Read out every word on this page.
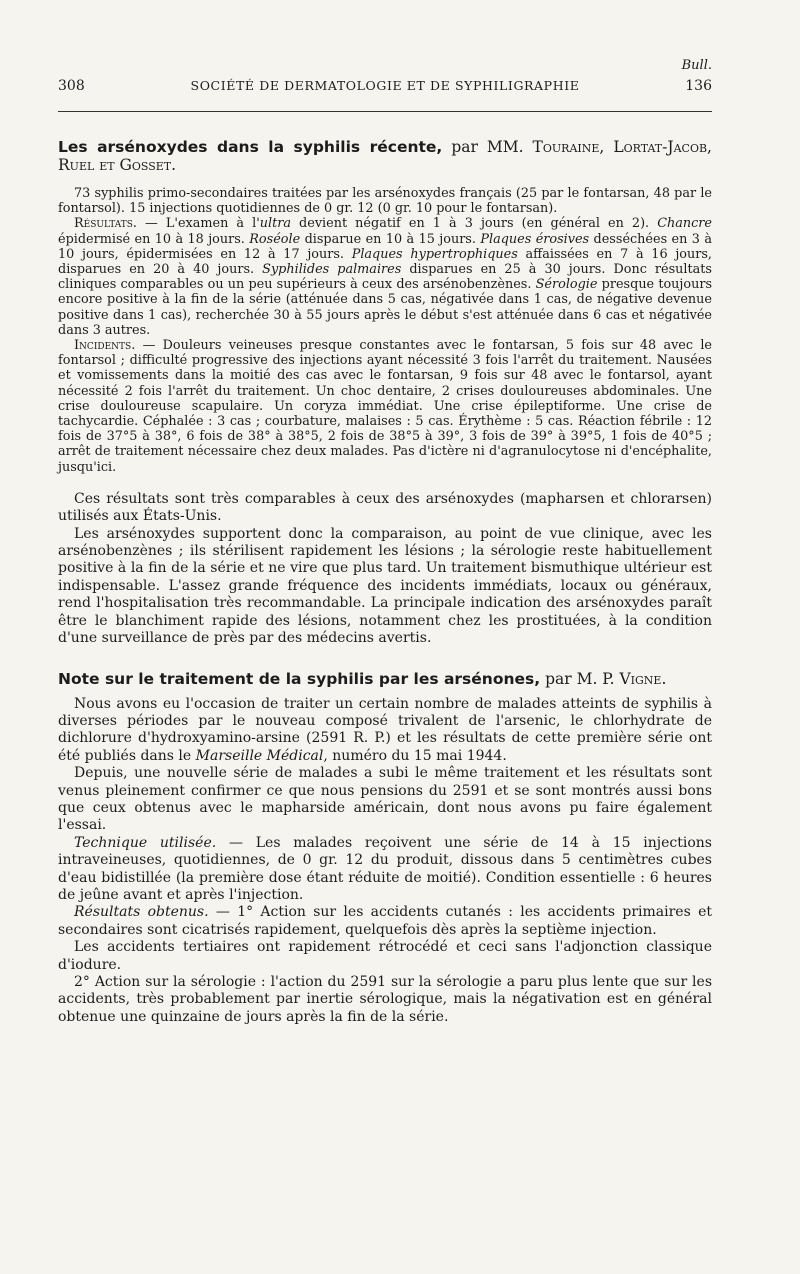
Bull.
308	SOCIÉTÉ DE DERMATOLOGIE ET DE SYPHILIGRAPHIE	136
Les arsénoxydes dans la syphilis récente, par MM. Touraine, Lortat-Jacob, Ruel et Gosset.

73 syphilis primo-secondaires traitées par les arsénoxydes français (25 par le fontarsan, 48 par le fontarsol). 15 injections quotidiennes de 0 gr. 12 (0 gr. 10 pour le fontarsan).

Résultats. — L'examen à l'ultra devient négatif en 1 à 3 jours (en général en 2). Chancre épidermisé en 10 à 18 jours. Roséole disparue en 10 à 15 jours. Plaques érosives desséchées en 3 à 10 jours, épidermisées en 12 à 17 jours. Plaques hypertrophiques affaissées en 7 à 16 jours, disparues en 20 à 40 jours. Syphilides palmaires disparues en 25 à 30 jours. Donc résultats cliniques comparables ou un peu supérieurs à ceux des arsénobenzènes. Sérologie presque toujours encore positive à la fin de la série (atténuée dans 5 cas, négativée dans 1 cas, de négative devenue positive dans 1 cas), recherchée 30 à 55 jours après le début s'est atténuée dans 6 cas et négativée dans 3 autres.

Incidents. — Douleurs veineuses presque constantes avec le fontarsan, 5 fois sur 48 avec le fontarsol ; difficulté progressive des injections ayant nécessité 3 fois l'arrêt du traitement. Nausées et vomissements dans la moitié des cas avec le fontarsan, 9 fois sur 48 avec le fontarsol, ayant nécessité 2 fois l'arrêt du traitement. Un choc dentaire, 2 crises douloureuses abdominales. Une crise douloureuse scapulaire. Un coryza immédiat. Une crise épileptiforme. Une crise de tachycardie. Céphalée : 3 cas ; courbature, malaises : 5 cas. Érythème : 5 cas. Réaction fébrile : 12 fois de 37°5 à 38°, 6 fois de 38° à 38°5, 2 fois de 38°5 à 39°, 3 fois de 39° à 39°5, 1 fois de 40°5 ; arrêt de traitement nécessaire chez deux malades. Pas d'ictère ni d'agranulocytose ni d'encéphalite, jusqu'ici.

Ces résultats sont très comparables à ceux des arsénoxydes (mapharsen et chlorarsen) utilisés aux États-Unis.

Les arsénoxydes supportent donc la comparaison, au point de vue clinique, avec les arsénobenzènes ; ils stérilisent rapidement les lésions ; la sérologie reste habituellement positive à la fin de la série et ne vire que plus tard. Un traitement bismuthique ultérieur est indispensable. L'assez grande fréquence des incidents immédiats, locaux ou généraux, rend l'hospitalisation très recommandable. La principale indication des arsénoxydes paraît être le blanchiment rapide des lésions, notamment chez les prostituées, à la condition d'une surveillance de près par des médecins avertis.

Note sur le traitement de la syphilis par les arsénones, par M. P. Vigne.

Nous avons eu l'occasion de traiter un certain nombre de malades atteints de syphilis à diverses périodes par le nouveau composé trivalent de l'arsenic, le chlorhydrate de dichlorure d'hydroxyamino-arsine (2591 R. P.) et les résultats de cette première série ont été publiés dans le Marseille Médical, numéro du 15 mai 1944.

Depuis, une nouvelle série de malades a subi le même traitement et les résultats sont venus pleinement confirmer ce que nous pensions du 2591 et se sont montrés aussi bons que ceux obtenus avec le mapharside américain, dont nous avons pu faire également l'essai.

Technique utilisée. — Les malades reçoivent une série de 14 à 15 injections intraveineuses, quotidiennes, de 0 gr. 12 du produit, dissous dans 5 centimètres cubes d'eau bidistillée (la première dose étant réduite de moitié). Condition essentielle : 6 heures de jeûne avant et après l'injection.

Résultats obtenus. — 1° Action sur les accidents cutanés : les accidents primaires et secondaires sont cicatrisés rapidement, quelquefois dès après la septième injection.

Les accidents tertiaires ont rapidement rétrocédé et ceci sans l'adjonction classique d'iodure.

2° Action sur la sérologie : l'action du 2591 sur la sérologie a paru plus lente que sur les accidents, très probablement par inertie sérologique, mais la négativation est en général obtenue une quinzaine de jours après la fin de la série.
